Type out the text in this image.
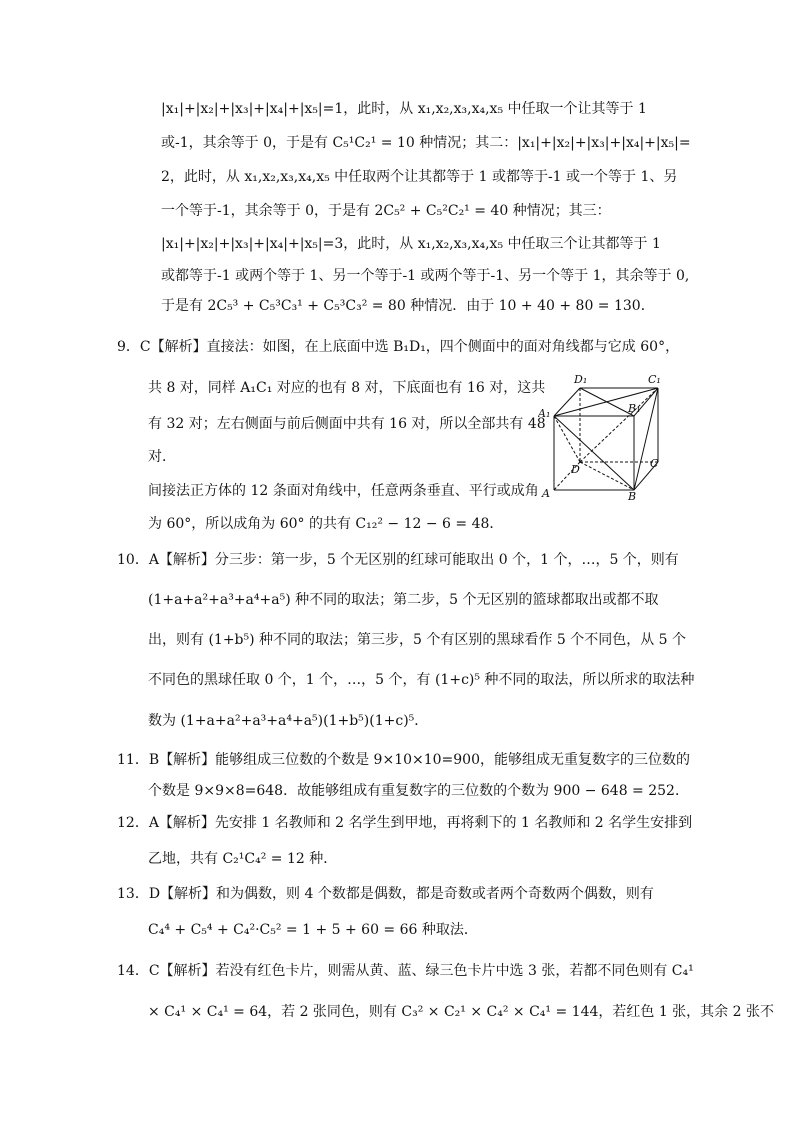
|x₁|+|x₂|+|x₃|+|x₄|+|x₅|=1，此时，从 x₁,x₂,x₃,x₄,x₅ 中任取一个让其等于 1
或-1，其余等于 0，于是有 C₅¹C₂¹ = 10 种情况；其二：|x₁|+|x₂|+|x₃|+|x₄|+|x₅|=
2，此时，从 x₁,x₂,x₃,x₄,x₅ 中任取两个让其都等于 1 或都等于-1 或一个等于 1、另
一个等于-1，其余等于 0，于是有 2C₅² + C₅²C₂¹ = 40 种情况；其三：
|x₁|+|x₂|+|x₃|+|x₄|+|x₅|=3，此时，从 x₁,x₂,x₃,x₄,x₅ 中任取三个让其都等于 1
或都等于-1 或两个等于 1、另一个等于-1 或两个等于-1、另一个等于 1，其余等于 0,
于是有 2C₅³ + C₅³C₃¹ + C₅³C₃² = 80 种情况．由于 10 + 40 + 80 = 130．
9．C【解析】直接法：如图，在上底面中选 B₁D₁，四个侧面中的面对角线都与它成 60°，
共 8 对，同样 A₁C₁ 对应的也有 8 对，下底面也有 16 对，这共
有 32 对；左右侧面与前后侧面中共有 16 对，所以全部共有 48
对．
间接法正方体的 12 条面对角线中，任意两条垂直、平行或成角
为 60°，所以成角为 60° 的共有 C₁₂² − 12 − 6 = 48．
D₁	C₁
A₁	B₁
D	C
A	B
10．A【解析】分三步：第一步，5 个无区别的红球可能取出 0 个，1 个，…，5 个，则有
(1+a+a²+a³+a⁴+a⁵) 种不同的取法；第二步，5 个无区别的篮球都取出或都不取
出，则有 (1+b⁵) 种不同的取法；第三步，5 个有区别的黑球看作 5 个不同色，从 5 个
不同色的黑球任取 0 个，1 个，…，5 个，有 (1+c)⁵ 种不同的取法，所以所求的取法种
数为 (1+a+a²+a³+a⁴+a⁵)(1+b⁵)(1+c)⁵．
11．B【解析】能够组成三位数的个数是 9×10×10=900，能够组成无重复数字的三位数的
个数是 9×9×8=648．故能够组成有重复数字的三位数的个数为 900 − 648 = 252．
12．A【解析】先安排 1 名教师和 2 名学生到甲地，再将剩下的 1 名教师和 2 名学生安排到
乙地，共有 C₂¹C₄² = 12 种．
13．D【解析】和为偶数，则 4 个数都是偶数，都是奇数或者两个奇数两个偶数，则有
C₄⁴ + C₅⁴ + C₄²·C₅² = 1 + 5 + 60 = 66 种取法．
14．C【解析】若没有红色卡片，则需从黄、蓝、绿三色卡片中选 3 张，若都不同色则有 C₄¹
× C₄¹ × C₄¹ = 64，若 2 张同色，则有 C₃² × C₂¹ × C₄² × C₄¹ = 144，若红色 1 张，其余 2 张不
